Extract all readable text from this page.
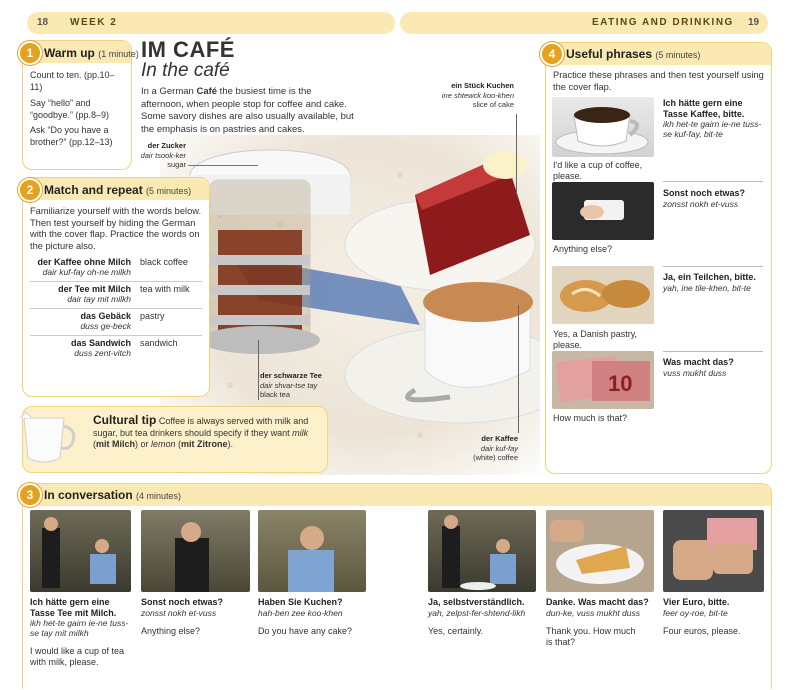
18 WEEK 2	EATING AND DRINKING 19
IM CAFÉ
In the café
In a German Café the busiest time is the afternoon, when people stop for coffee and cake. Some savory dishes are also usually available, but the emphasis is on pastries and cakes.
1 Warm up (1 minute)
Count to ten. (pp.10–11)
Say “hello” and “goodbye.” (pp.8–9)
Ask “Do you have a brother?” (pp.12–13)
2 Match and repeat (5 minutes)
Familiarize yourself with the words below. Then test yourself by hiding the German with the cover flap. Practice the words on the picture also.
der Kaffee ohne Milch
dair kuf-fay oh-ne milkh
black coffee
der Tee mit Milch
dair tay mit milkh
tea with milk
das Gebäck
duss ge-beck
pastry
das Sandwich
duss zent-vitch
sandwich
der Zucker
dair tsook-ker
sugar
ein Stück Kuchen
ine shtewck koo-khen
slice of cake
der schwarze Tee
dair shvar-tse tay
black tea
der Kaffee
dair kuf-fay
(white) coffee
Cultural tip Coffee is always served with milk and sugar, but tea drinkers should specify if they want milk (mit Milch) or lemon (mit Zitrone).
4 Useful phrases (5 minutes)
Practice these phrases and then test yourself using the cover flap.
Ich hätte gern eine Tasse Kaffee, bitte.
ikh het-te gairn ie-ne tuss-se kuf-fay, bit-te
I'd like a cup of coffee, please.
Sonst noch etwas?
zonsst nokh et-vuss
Anything else?
Ja, ein Teilchen, bitte.
yah, ine tile-khen, bit-te
Yes, a Danish pastry, please.
10
Was macht das?
vuss mukht duss
How much is that?
3 In conversation (4 minutes)
Ich hätte gern eine Tasse Tee mit Milch.
ikh het-te gairn ie-ne tuss-se tay mit milkh
I would like a cup of tea with milk, please.
Sonst noch etwas?
zonsst nokh et-vuss
Anything else?
Haben Sie Kuchen?
hah-ben zee koo-khen
Do you have any cake?
Ja, selbstverständlich.
yah, zelpst-fer-shtend-likh
Yes, certainly.
Danke. Was macht das?
dun-ke, vuss mukht duss
Thank you. How much is that?
Vier Euro, bitte.
feer oy-roe, bit-te
Four euros, please.
